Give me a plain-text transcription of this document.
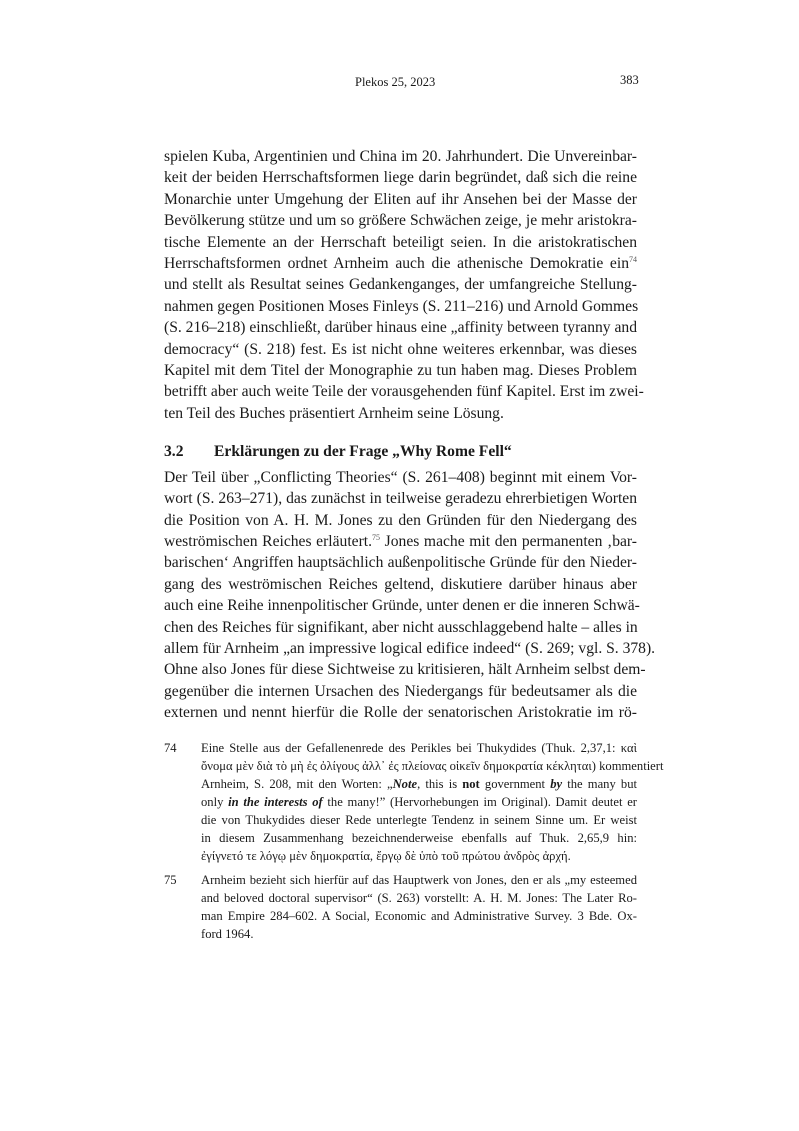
Plekos 25, 2023	383
spielen Kuba, Argentinien und China im 20. Jahrhundert. Die Unvereinbar-
keit der beiden Herrschaftsformen liege darin begründet, daß sich die reine
Monarchie unter Umgehung der Eliten auf ihr Ansehen bei der Masse der
Bevölkerung stütze und um so größere Schwächen zeige, je mehr aristokra-
tische Elemente an der Herrschaft beteiligt seien. In die aristokratischen
Herrschaftsformen ordnet Arnheim auch die athenische Demokratie ein$^{74}$
und stellt als Resultat seines Gedankenganges, der umfangreiche Stellung-
nahmen gegen Positionen Moses Finleys (S. 211–216) und Arnold Gommes
(S. 216–218) einschließt, darüber hinaus eine „affinity between tyranny and
democracy“ (S. 218) fest. Es ist nicht ohne weiteres erkennbar, was dieses
Kapitel mit dem Titel der Monographie zu tun haben mag. Dieses Problem
betrifft aber auch weite Teile der vorausgehenden fünf Kapitel. Erst im zwei-
ten Teil des Buches präsentiert Arnheim seine Lösung.
3.2 Erklärungen zu der Frage „Why Rome Fell“
Der Teil über „Conflicting Theories“ (S. 261–408) beginnt mit einem Vor-
wort (S. 263–271), das zunächst in teilweise geradezu ehrerbietigen Worten
die Position von A. H. M. Jones zu den Gründen für den Niedergang des
weströmischen Reiches erläutert.$^{75}$ Jones mache mit den permanenten ‚bar-
barischen‘ Angriffen hauptsächlich außenpolitische Gründe für den Nieder-
gang des weströmischen Reiches geltend, diskutiere darüber hinaus aber
auch eine Reihe innenpolitischer Gründe, unter denen er die inneren Schwä-
chen des Reiches für signifikant, aber nicht ausschlaggebend halte – alles in
allem für Arnheim „an impressive logical edifice indeed“ (S. 269; vgl. S. 378).
Ohne also Jones für diese Sichtweise zu kritisieren, hält Arnheim selbst dem-
gegenüber die internen Ursachen des Niedergangs für bedeutsamer als die
externen und nennt hierfür die Rolle der senatorischen Aristokratie im rö-
74 Eine Stelle aus der Gefallenenrede des Perikles bei Thukydides (Thuk. 2,37,1: καὶ
ὄνομα μὲν διὰ τὸ μὴ ἐς ὀλίγους ἀλλ᾽ ἐς πλείονας οἰκεῖν δημοκρατία κέκληται) kommentiert
Arnheim, S. 208, mit den Worten: „Note, this is not government by the many but
only in the interests of the many!” (Hervorhebungen im Original). Damit deutet er
die von Thukydides dieser Rede unterlegte Tendenz in seinem Sinne um. Er weist
in diesem Zusammenhang bezeichnenderweise ebenfalls auf Thuk. 2,65,9 hin:
ἐγίγνετό τε λόγῳ μὲν δημοκρατία, ἔργῳ δὲ ὑπὸ τοῦ πρώτου ἀνδρὸς ἀρχή.
75 Arnheim bezieht sich hierfür auf das Hauptwerk von Jones, den er als „my esteemed
and beloved doctoral supervisor“ (S. 263) vorstellt: A. H. M. Jones: The Later Ro-
man Empire 284–602. A Social, Economic and Administrative Survey. 3 Bde. Ox-
ford 1964.
